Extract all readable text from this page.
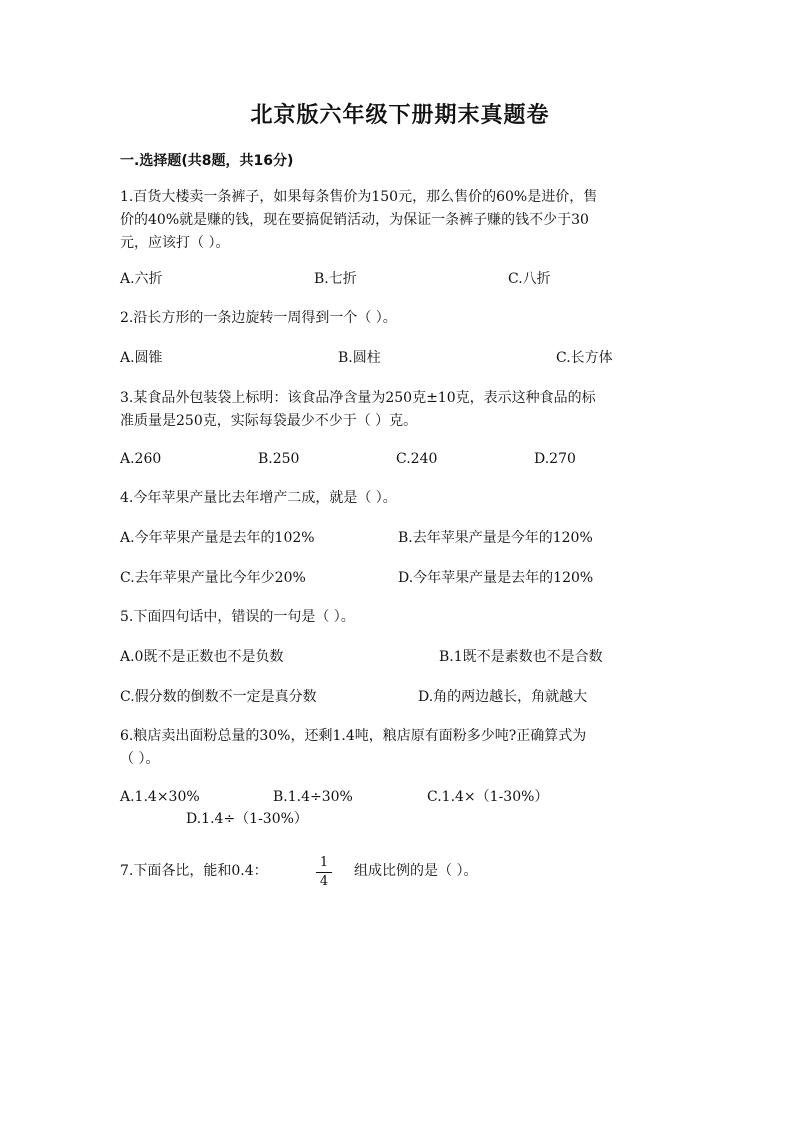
北京版六年级下册期末真题卷
一.选择题(共8题，共16分)
1.百货大楼卖一条裤子，如果每条售价为150元，那么售价的60%是进价，售
价的40%就是赚的钱，现在要搞促销活动，为保证一条裤子赚的钱不少于30
元，应该打（ ）。
A.六折	B.七折	C.八折
2.沿长方形的一条边旋转一周得到一个（ ）。
A.圆锥	B.圆柱	C.长方体
3.某食品外包装袋上标明：该食品净含量为250克±10克，表示这种食品的标
准质量是250克，实际每袋最少不少于（ ）克。
A.260	B.250	C.240	D.270
4.今年苹果产量比去年增产二成，就是（ ）。
A.今年苹果产量是去年的102%	B.去年苹果产量是今年的120%
C.去年苹果产量比今年少20%	D.今年苹果产量是去年的120%
5.下面四句话中，错误的一句是（ ）。
A.0既不是正数也不是负数	B.1既不是素数也不是合数
C.假分数的倒数不一定是真分数	D.角的两边越长，角就越大
6.粮店卖出面粉总量的30%，还剩1.4吨，粮店原有面粉多少吨?正确算式为
（ ）。
A.1.4×30%	B.1.4÷30%	C.1.4×（1-30%）
D.1.4÷（1-30%）
7.下面各比，能和0.4：
1
4
组成比例的是（ ）。
